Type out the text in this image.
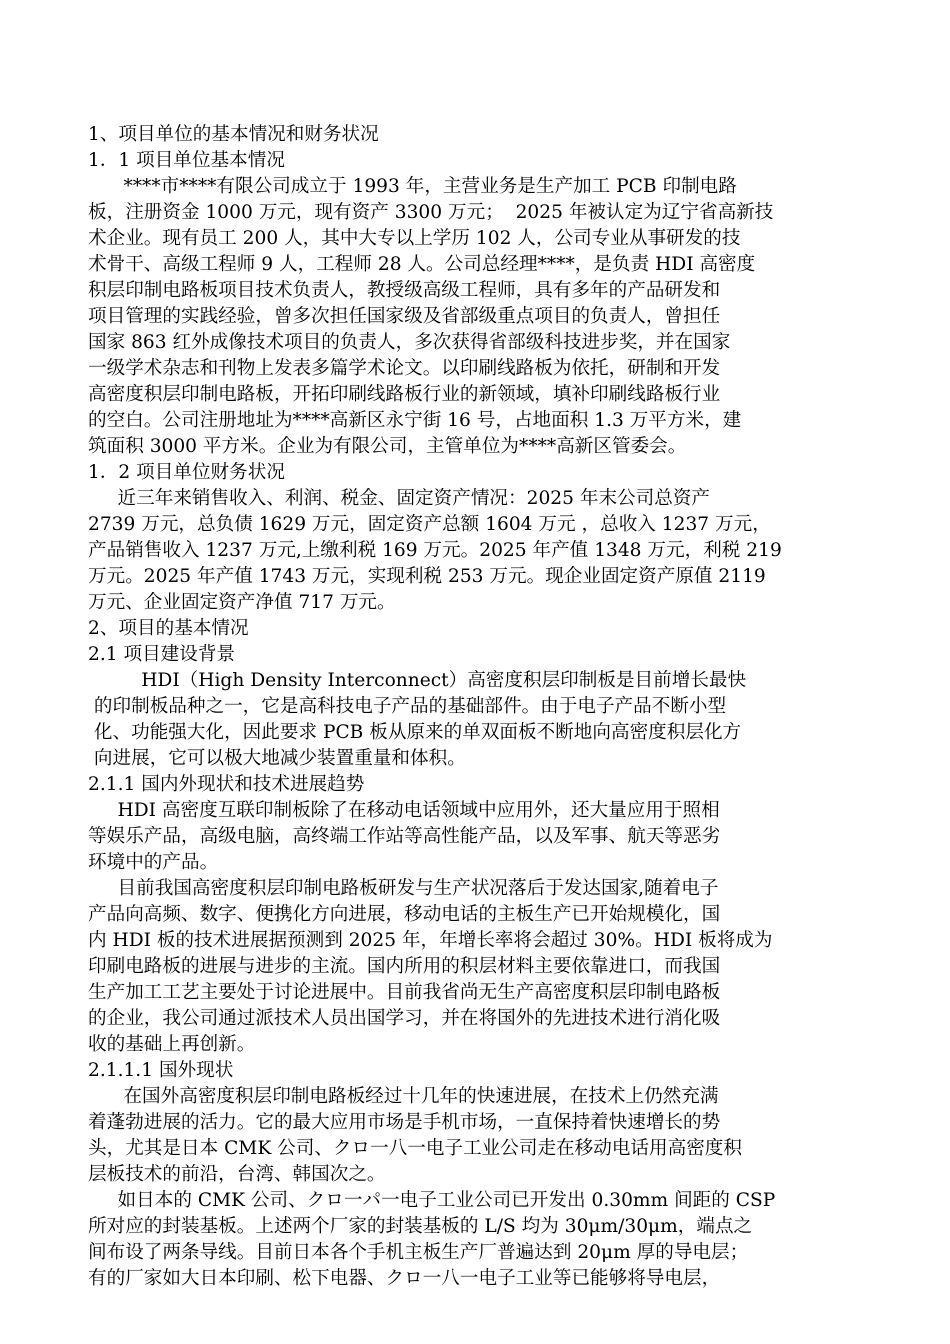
1、项目单位的基本情况和财务状况
1．1 项目单位基本情况
****市****有限公司成立于 1993 年，主营业务是生产加工 PCB 印制电路
板，注册资金 1000 万元，现有资产 3300 万元；  2025 年被认定为辽宁省高新技
术企业。现有员工 200 人，其中大专以上学历 102 人，公司专业从事研发的技
术骨干、高级工程师 9 人，工程师 28 人。公司总经理****，是负责 HDI 高密度
积层印制电路板项目技术负责人，教授级高级工程师，具有多年的产品研发和
项目管理的实践经验，曾多次担任国家级及省部级重点项目的负责人，曾担任
国家 863 红外成像技术项目的负责人，多次获得省部级科技进步奖，并在国家
一级学术杂志和刊物上发表多篇学术论文。以印刷线路板为依托，研制和开发
高密度积层印制电路板，开拓印刷线路板行业的新领域，填补印刷线路板行业
的空白。公司注册地址为****高新区永宁街 16 号，占地面积 1.3 万平方米，建
筑面积 3000 平方米。企业为有限公司，主管单位为****高新区管委会。
1．2 项目单位财务状况
近三年来销售收入、利润、税金、固定资产情况：2025 年末公司总资产
2739 万元，总负债 1629 万元，固定资产总额 1604 万元 ，总收入 1237 万元，
产品销售收入 1237 万元,上缴利税 169 万元。2025 年产值 1348 万元，利税 219
万元。2025 年产值 1743 万元，实现利税 253 万元。现企业固定资产原值 2119
万元、企业固定资产净值 717 万元。
2、项目的基本情况
2.1 项目建设背景
HDI（High Density Interconnect）高密度积层印制板是目前增长最快
的印制板品种之一，它是高科技电子产品的基础部件。由于电子产品不断小型
化、功能强大化，因此要求 PCB 板从原来的单双面板不断地向高密度积层化方
向进展，它可以极大地减少装置重量和体积。
2.1.1 国内外现状和技术进展趋势
HDI 高密度互联印制板除了在移动电话领域中应用外，还大量应用于照相
等娱乐产品，高级电脑，高终端工作站等高性能产品，以及军事、航天等恶劣
环境中的产品。
目前我国高密度积层印制电路板研发与生产状况落后于发达国家,随着电子
产品向高频、数字、便携化方向进展，移动电话的主板生产已开始规模化，国
内 HDI 板的技术进展据预测到 2025 年，年增长率将会超过 30%。HDI 板将成为
印刷电路板的进展与进步的主流。国内所用的积层材料主要依靠进口，而我国
生产加工工艺主要处于讨论进展中。目前我省尚无生产高密度积层印制电路板
的企业，我公司通过派技术人员出国学习，并在将国外的先进技术进行消化吸
收的基础上再创新。
2.1.1.1 国外现状
在国外高密度积层印制电路板经过十几年的快速进展，在技术上仍然充满
着蓬勃进展的活力。它的最大应用市场是手机市场，一直保持着快速增长的势
头，尤其是日本 CMK 公司、クロ一八一电子工业公司走在移动电话用高密度积
层板技术的前沿，台湾、韩国次之。
如日本的 CMK 公司、クロ一パ一电子工业公司已开发出 0.30mm 间距的 CSP
所对应的封装基板。上述两个厂家的封装基板的 L/S 均为 30μm/30μm，端点之
间布设了两条导线。目前日本各个手机主板生产厂普遍达到 20μm 厚的导电层；
有的厂家如大日本印刷、松下电器、クロ一八一电子工业等已能够将导电层，
